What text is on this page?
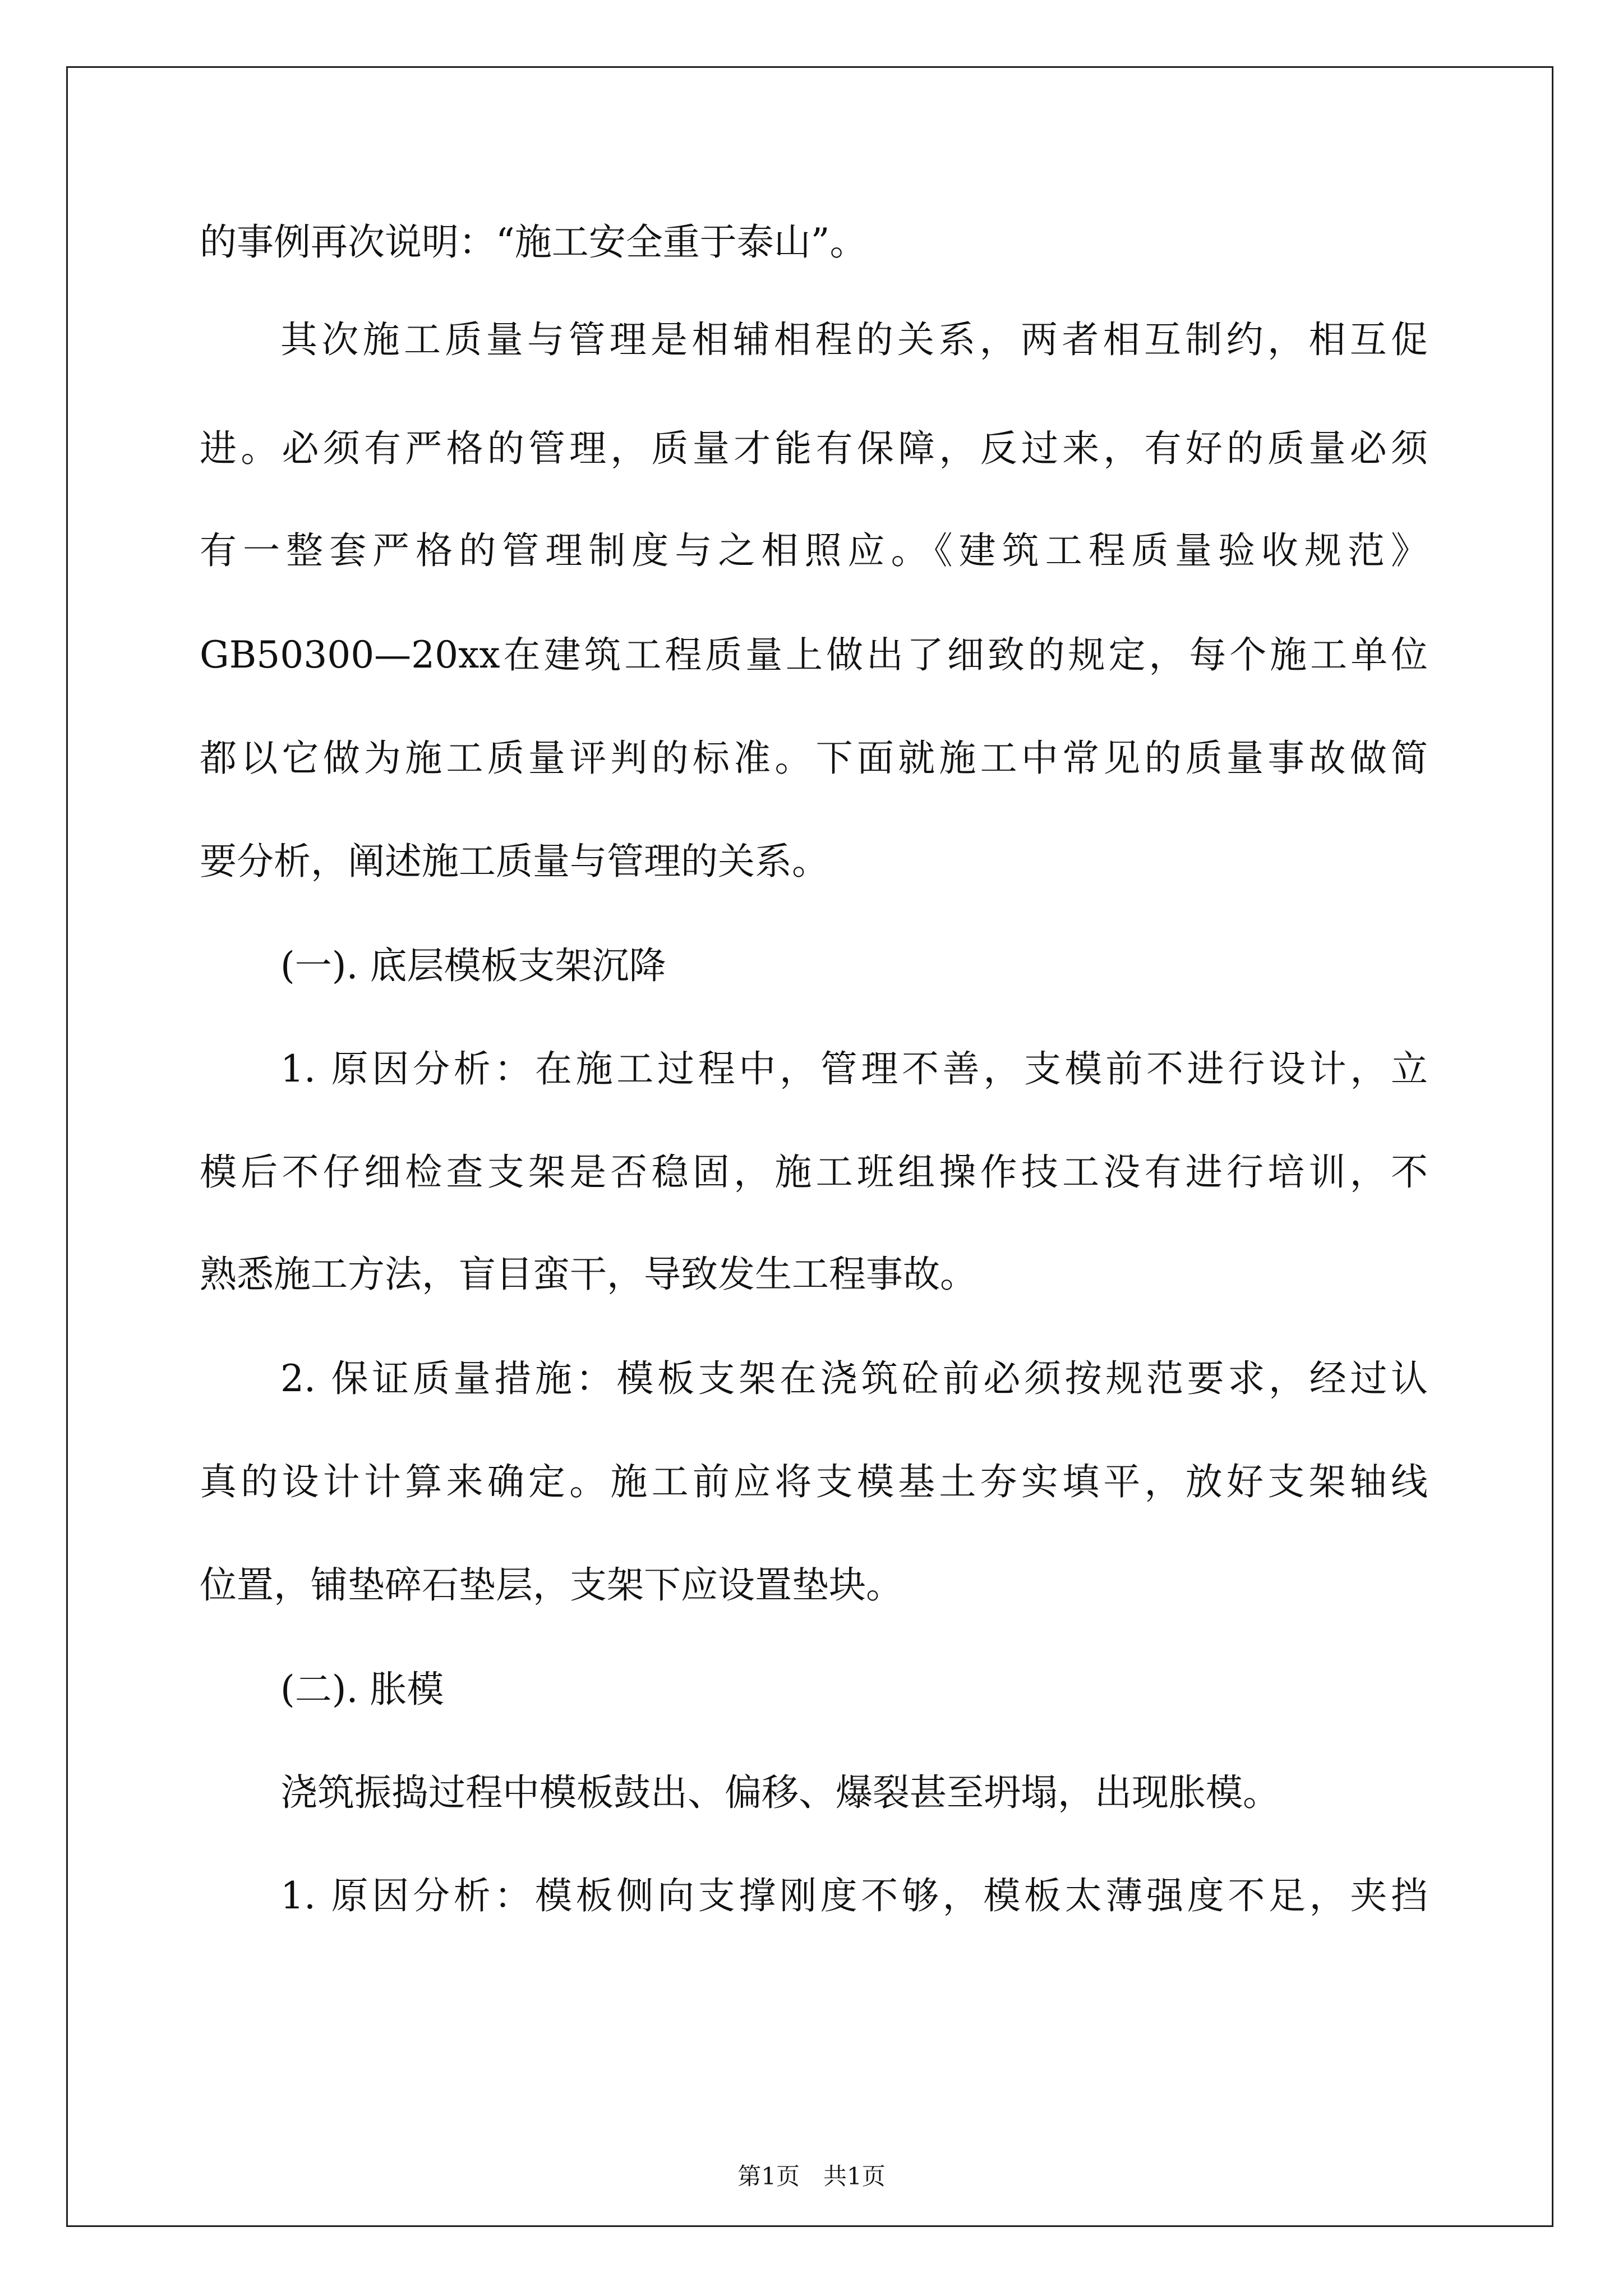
的事例再次说明：“施工安全重于泰山”。
其次施工质量与管理是相辅相程的关系，两者相互制约，相互促
进。必须有严格的管理，质量才能有保障，反过来，有好的质量必须
有一整套严格的管理制度与之相照应。《建筑工程质量验收规范》
GB50300—20xx在建筑工程质量上做出了细致的规定，每个施工单位
都以它做为施工质量评判的标准。下面就施工中常见的质量事故做简
要分析，阐述施工质量与管理的关系。
(一). 底层模板支架沉降
1. 原因分析：在施工过程中，管理不善，支模前不进行设计，立
模后不仔细检查支架是否稳固，施工班组操作技工没有进行培训，不
熟悉施工方法，盲目蛮干，导致发生工程事故。
2. 保证质量措施：模板支架在浇筑砼前必须按规范要求，经过认
真的设计计算来确定。施工前应将支模基土夯实填平，放好支架轴线
位置，铺垫碎石垫层，支架下应设置垫块。
(二). 胀模
浇筑振捣过程中模板鼓出、偏移、爆裂甚至坍塌，出现胀模。
1. 原因分析：模板侧向支撑刚度不够，模板太薄强度不足，夹挡
第1页　共1页
